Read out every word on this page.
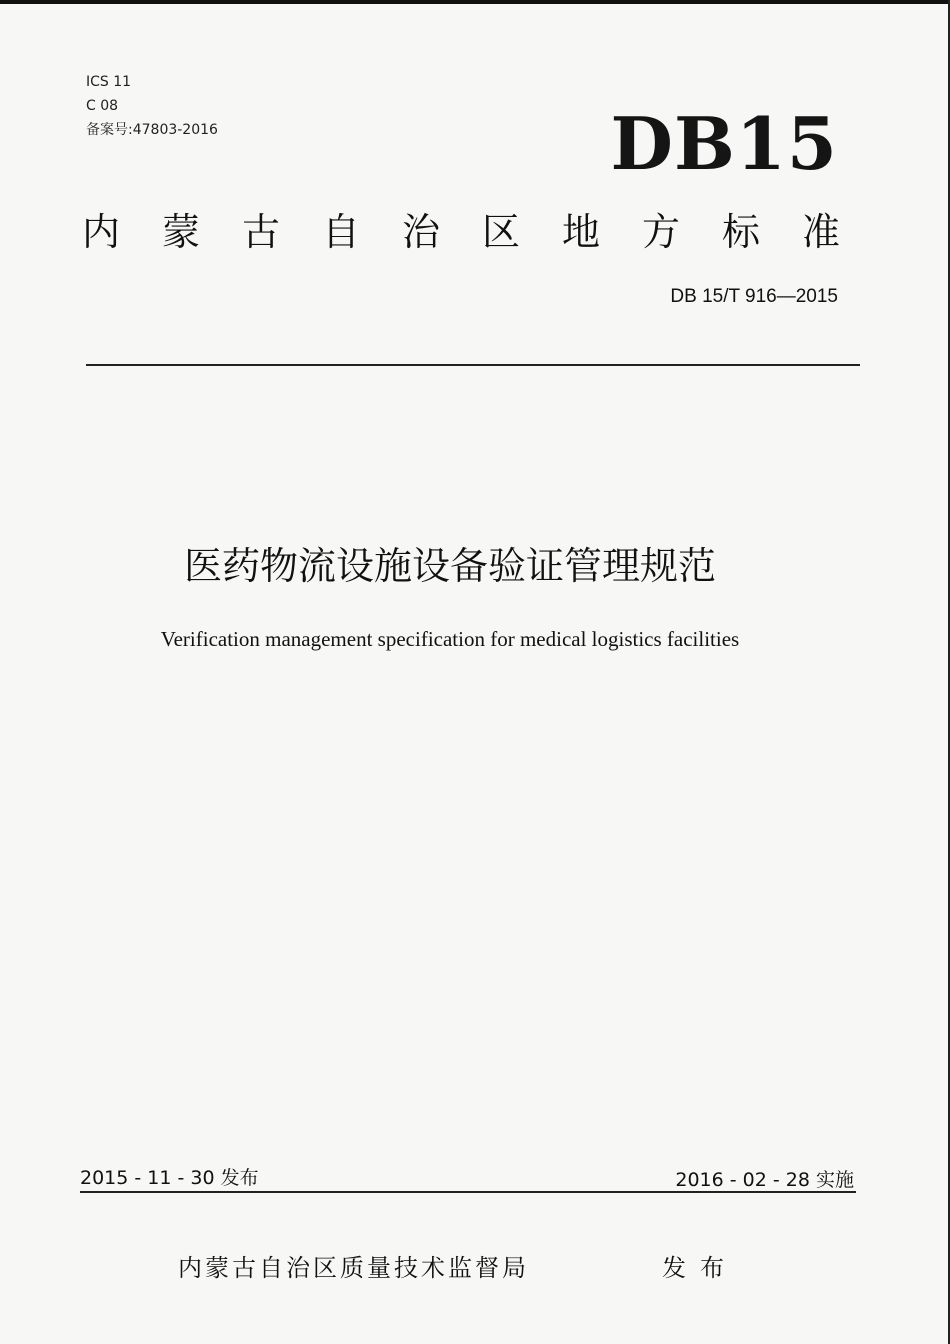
ICS 11
C 08
备案号:47803-2016	DB15
内蒙古自治区地方标准
DB 15/T 916—2015
医药物流设施设备验证管理规范
Verification management specification for medical logistics facilities
2015 - 11 - 30 发布	2016 - 02 - 28 实施
内蒙古自治区质量技术监督局	发布
